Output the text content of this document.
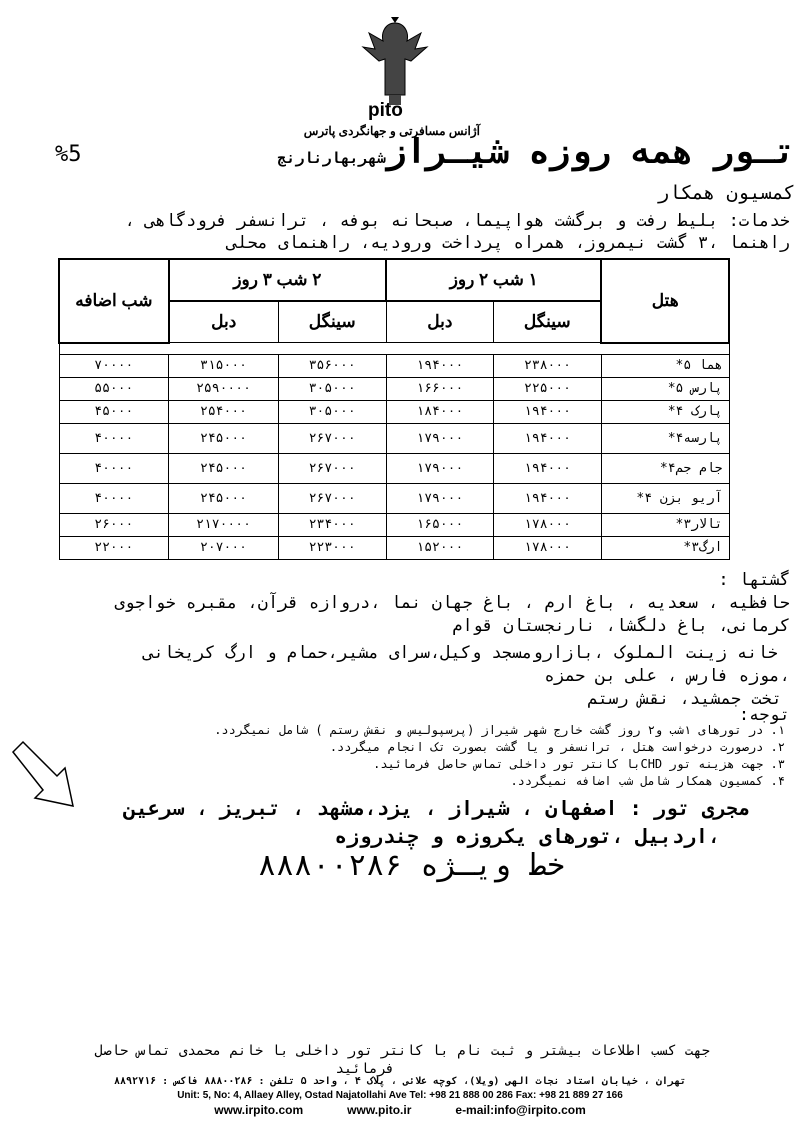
pito
تـور همه روزه شیـرازشهربهارنارنج
آژانس مسافرتی و جهانگردی پاترس
%5
کمسیون همکار
خدمات: بلیط رفت و برگشت هواپیما، صبحانه بوفه ، ترانسفر فرودگاهی ،
راهنما ،۳ گشت نیمروز، همراه پرداخت ورودیه، راهنمای محلی
هتل	۱ شب ۲ روز		۲ شب ۳ روز		شب اضافه
	سینگل	دبل	سینگل	دبل	

هما ۵*	۲۳۸۰۰۰	۱۹۴۰۰۰	۳۵۶۰۰۰	۳۱۵۰۰۰	۷۰۰۰۰
پارس ۵*	۲۲۵۰۰۰	۱۶۶۰۰۰	۳۰۵۰۰۰	۲۵۹۰۰۰۰	۵۵۰۰۰
پارک ۴*	۱۹۴۰۰۰	۱۸۴۰۰۰	۳۰۵۰۰۰	۲۵۴۰۰۰	۴۵۰۰۰
پارسه۴*	۱۹۴۰۰۰	۱۷۹۰۰۰	۲۶۷۰۰۰	۲۴۵۰۰۰	۴۰۰۰۰
جام جم۴*	۱۹۴۰۰۰	۱۷۹۰۰۰	۲۶۷۰۰۰	۲۴۵۰۰۰	۴۰۰۰۰
آریو بزن ۴*	۱۹۴۰۰۰	۱۷۹۰۰۰	۲۶۷۰۰۰	۲۴۵۰۰۰	۴۰۰۰۰
تالار۳*	۱۷۸۰۰۰	۱۶۵۰۰۰	۲۳۴۰۰۰	۲۱۷۰۰۰۰	۲۶۰۰۰
ارگ۳*	۱۷۸۰۰۰	۱۵۲۰۰۰	۲۲۳۰۰۰	۲۰۷۰۰۰	۲۲۰۰۰
گشتها :
حافظیه ، سعدیه ، باغ ارم ، باغ جهان نما ،دروازه قرآن، مقبره خواجوی
کرمانی، باغ دلگشا، نارنجستان قوام
خانه زینت الملوک ،بازارومسجد وکیل،سرای مشیر،حمام و ارگ کریخانی
،موزه فارس ، علی بن حمزه
تخت جمشید، نقش رستم
توجه:
۱. در تورهای ۱شب و۲ روز گشت خارج شهر شیراز (پرسپولیس و نقش رستم ) شامل نمیگردد.
۲. درصورت درخواست هتل ، ترانسفر و یا گشت بصورت تک انجام میگردد.
۳. جهت هزینه تور CHDبا کانتر تور داخلی تماس حاصل فرمائید.
۴. کمسیون همکار شامل شب اضافه نمیگردد.
مجری تور : اصفهان ، شیراز ، یزد،مشهد ، تبریز ، سرعین
،اردبیل ،تورهای یکروزه و چندروزه
خط ویـژه ۸۸۸۰۰۲۸۶
جهت کسب اطلاعات بیشتر و ثبت نام با کانتر تور داخلی با خانم محمدی تماس حاصل
فرمائید
تهران ، خیابان استاد نجات الهی (ویلا)، کوچه علائی ، پلاک ۴ ، واحد ۵ تلفن : ۸۸۸۰۰۲۸۶ فاکس : ۸۸۹۲۷۱۶
Unit: 5, No: 4, Allaey Alley, Ostad Najatollahi Ave Tel: +98 21 888 00 286 Fax: +98 21 889 27 166
www.irpito.com	www.pito.ir	e-mail:info@irpito.com
